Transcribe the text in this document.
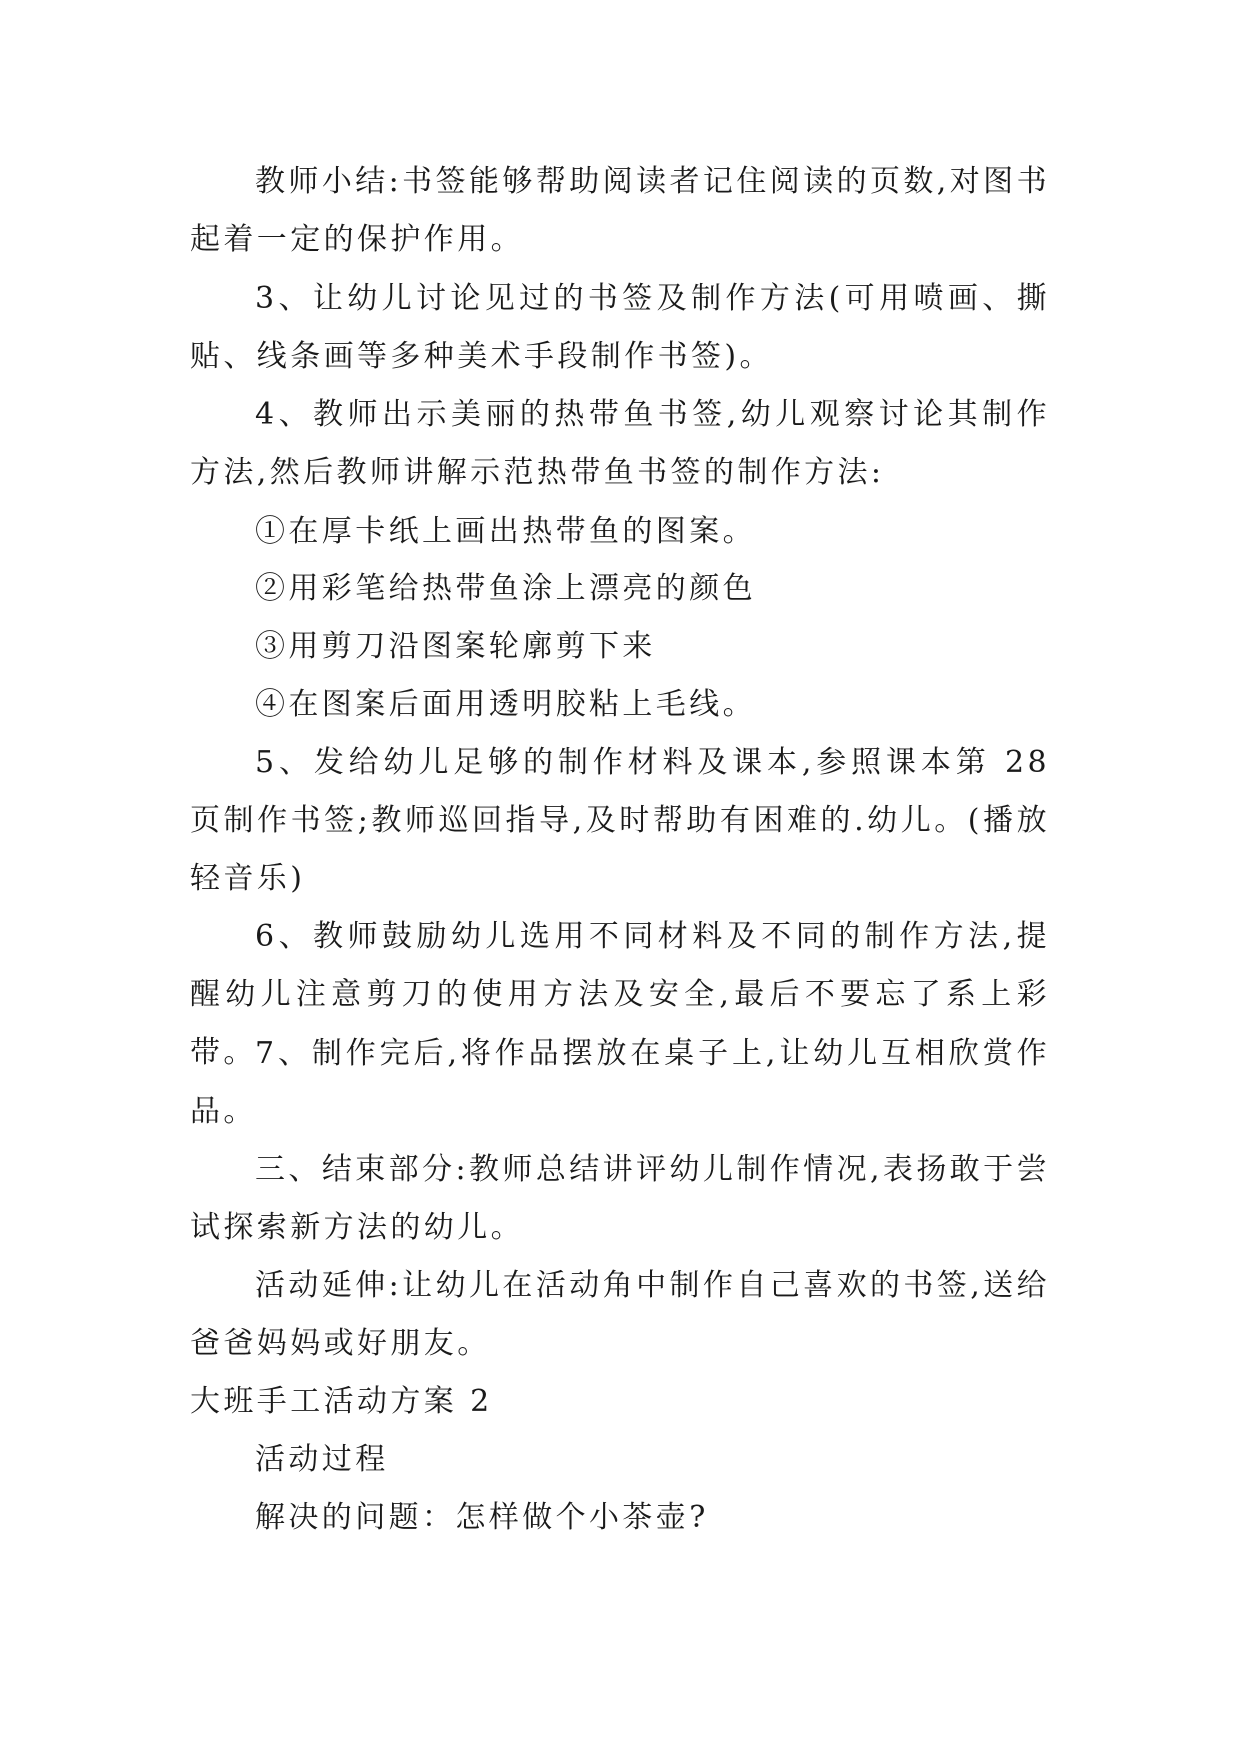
教师小结:书签能够帮助阅读者记住阅读的页数,对图书起着一定的保护作用。

3、让幼儿讨论见过的书签及制作方法(可用喷画、撕贴、线条画等多种美术手段制作书签)。

4、教师出示美丽的热带鱼书签,幼儿观察讨论其制作方法,然后教师讲解示范热带鱼书签的制作方法:

①在厚卡纸上画出热带鱼的图案。

②用彩笔给热带鱼涂上漂亮的颜色

③用剪刀沿图案轮廓剪下来

④在图案后面用透明胶粘上毛线。

5、发给幼儿足够的制作材料及课本,参照课本第 28 页制作书签;教师巡回指导,及时帮助有困难的.幼儿。(播放轻音乐)

6、教师鼓励幼儿选用不同材料及不同的制作方法,提醒幼儿注意剪刀的使用方法及安全,最后不要忘了系上彩带。

7、制作完后,将作品摆放在桌子上,让幼儿互相欣赏作品。

三、结束部分:教师总结讲评幼儿制作情况,表扬敢于尝试探索新方法的幼儿。

活动延伸:让幼儿在活动角中制作自己喜欢的书签,送给爸爸妈妈或好朋友。

大班手工活动方案 2

活动过程

解决的问题：怎样做个小茶壶?
